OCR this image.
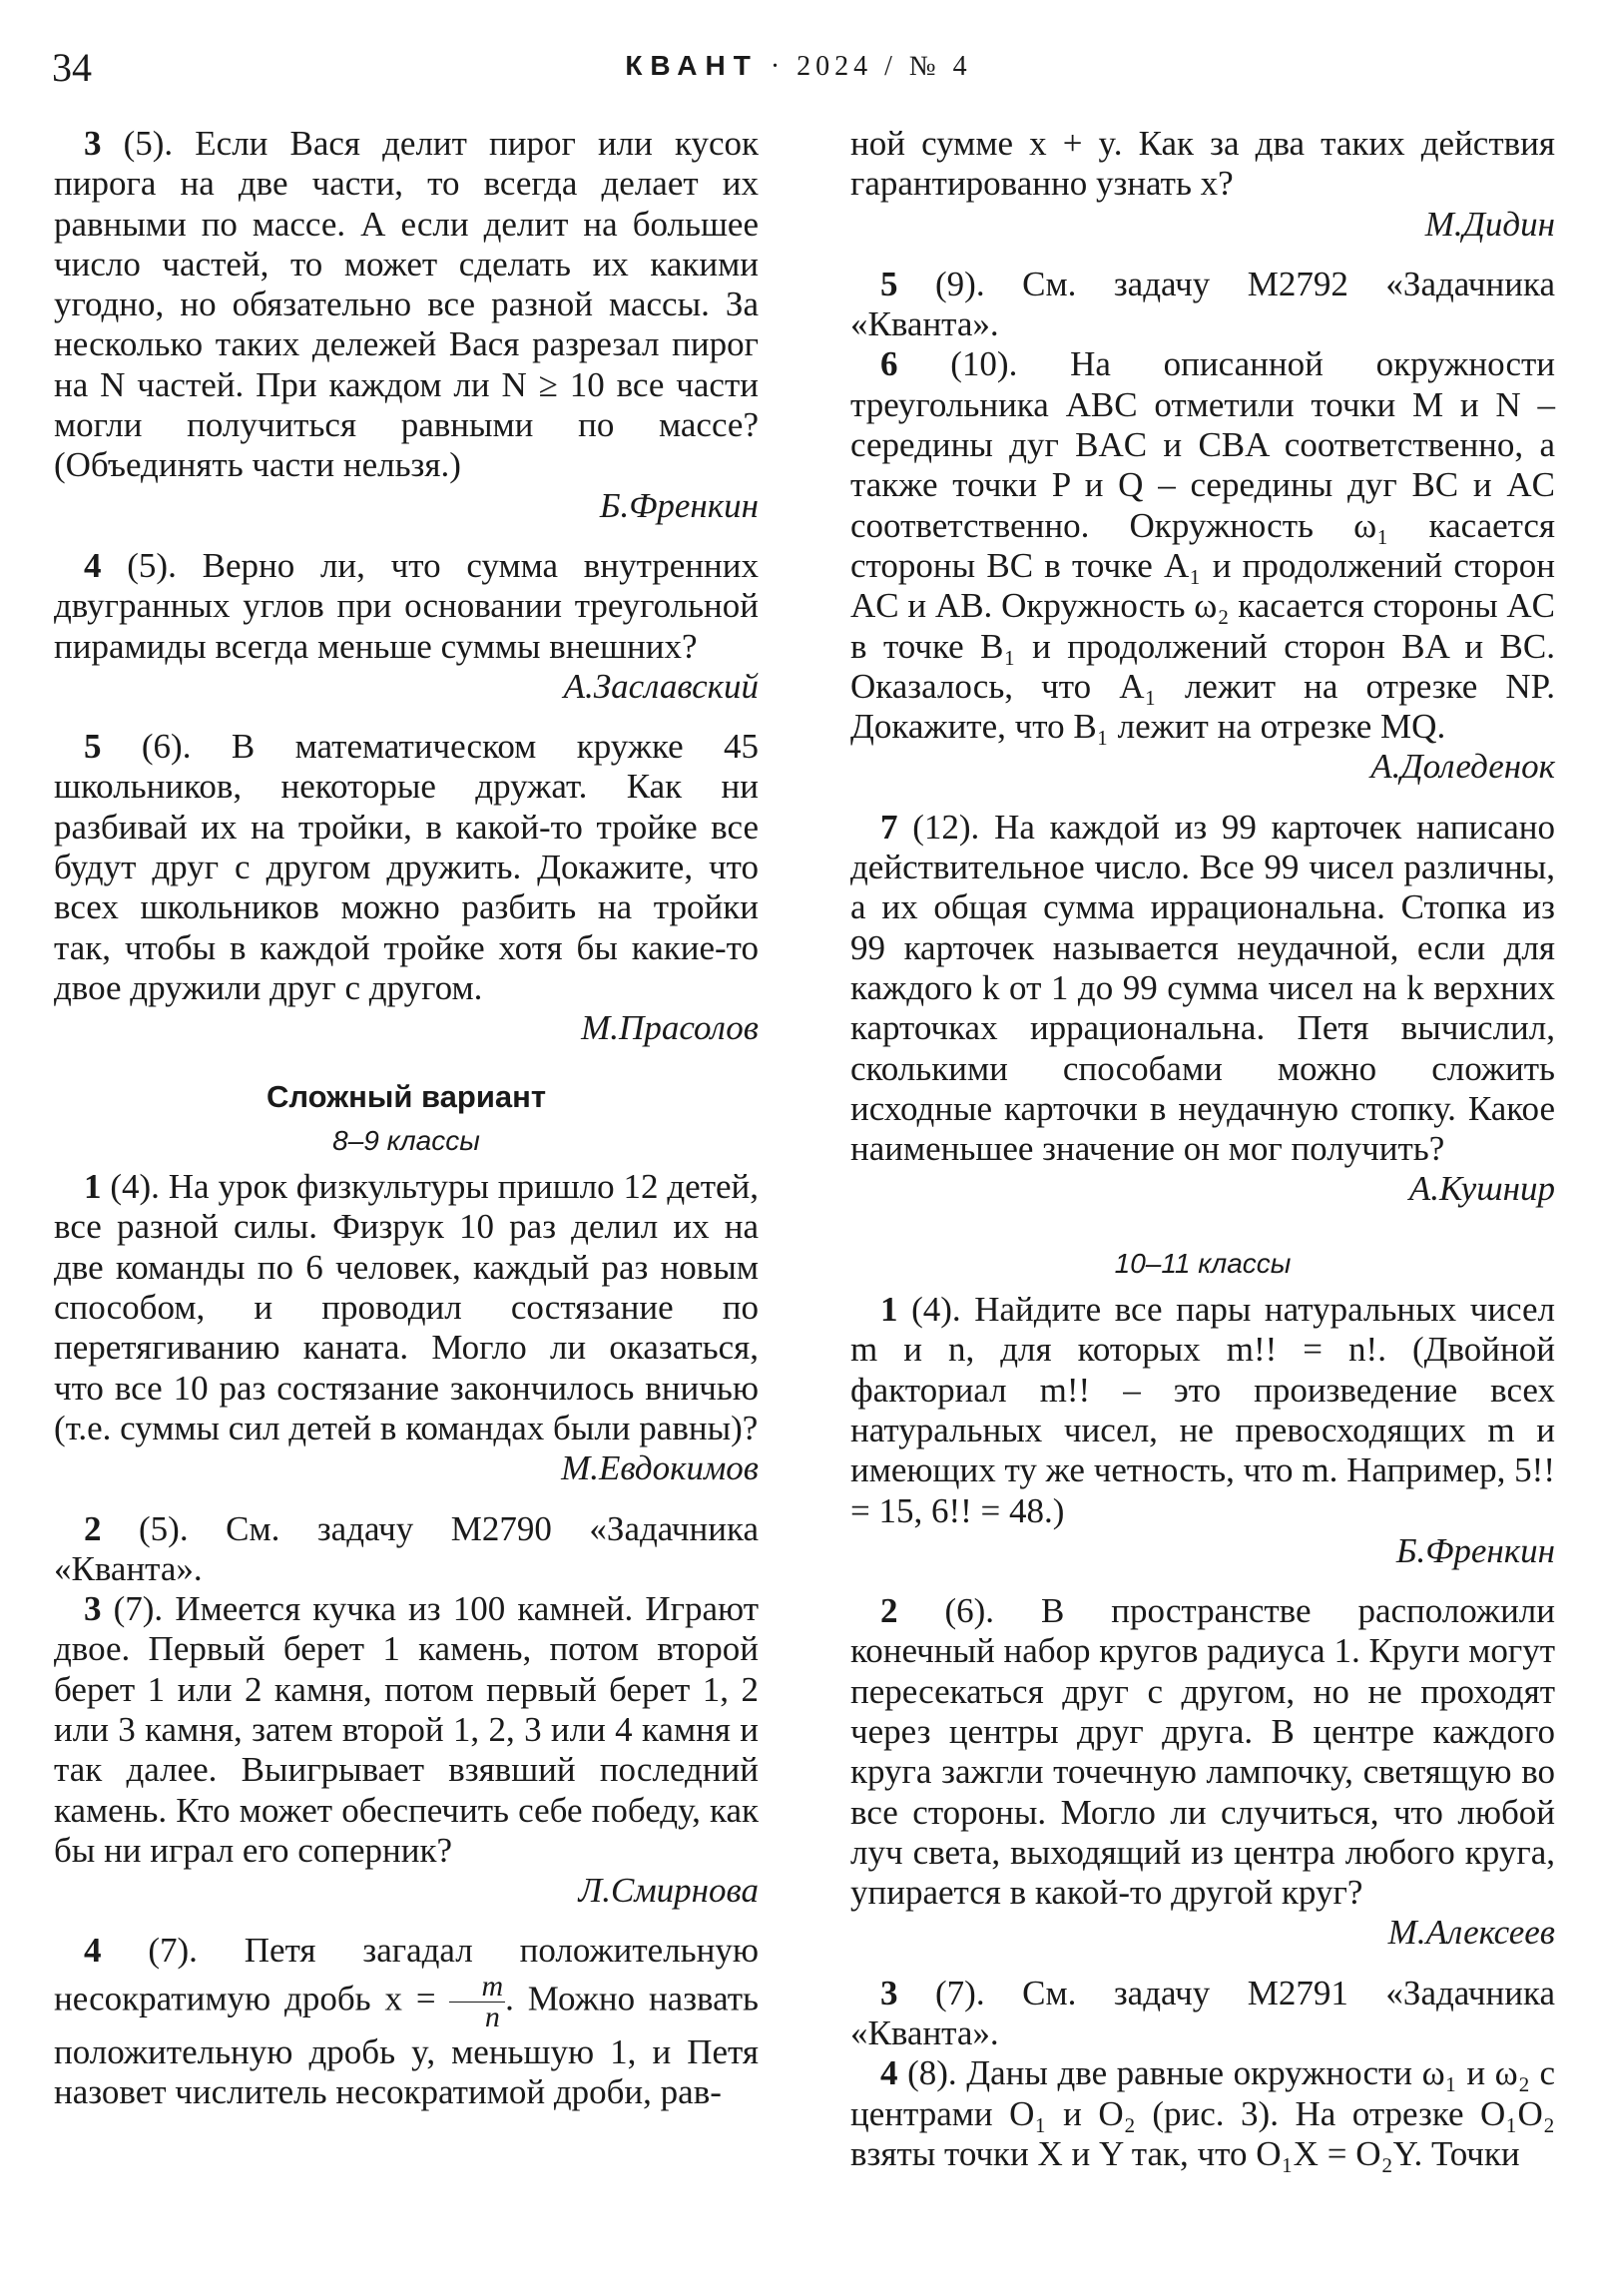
34	КВАНТ · 2024 / № 4

3 (5). Если Вася делит пирог или кусок пирога на две части, то всегда делает их равными по массе. А если делит на большее число частей, то может сделать их какими угодно, но обязательно все разной массы. За несколько таких дележей Вася разрезал пирог на N частей. При каждом ли N ≥ 10 все части могли получиться равными по массе? (Объединять части нельзя.)

Б.Френкин

4 (5). Верно ли, что сумма внутренних двугранных углов при основании треугольной пирамиды всегда меньше суммы внешних?

А.Заславский

5 (6). В математическом кружке 45 школьников, некоторые дружат. Как ни разбивай их на тройки, в какой-то тройке все будут друг с другом дружить. Докажите, что всех школьников можно разбить на тройки так, чтобы в каждой тройке хотя бы какие-то двое дружили друг с другом.

М.Прасолов

Сложный вариант
8–9 классы

1 (4). На урок физкультуры пришло 12 детей, все разной силы. Физрук 10 раз делил их на две команды по 6 человек, каждый раз новым способом, и проводил состязание по перетягиванию каната. Могло ли оказаться, что все 10 раз состязание закончилось вничью (т.е. суммы сил детей в командах были равны)?

М.Евдокимов

2 (5). См. задачу М2790 «Задачника «Кванта».

3 (7). Имеется кучка из 100 камней. Играют двое. Первый берет 1 камень, потом второй берет 1 или 2 камня, потом первый берет 1, 2 или 3 камня, затем второй 1, 2, 3 или 4 камня и так далее. Выигрывает взявший последний камень. Кто может обеспечить себе победу, как бы ни играл его соперник?

Л.Смирнова

4 (7). Петя загадал положительную несократимую дробь $x = \frac{m}{n}$ . Можно назвать положительную дробь y, меньшую 1, и Петя назовет числитель несократимой дроби, рав-

ной сумме x + y. Как за два таких действия гарантированно узнать x?

М.Дидин

5 (9). См. задачу М2792 «Задачника «Кванта».

6 (10). На описанной окружности треугольника ABC отметили точки M и N – середины дуг BAC и CBA соответственно, а также точки P и Q – середины дуг BC и AC соответственно. Окружность ω₁ касается стороны BC в точке A₁ и продолжений сторон AC и AB. Окружность ω₂ касается стороны AC в точке B₁ и продолжений сторон BA и BC. Оказалось, что A₁ лежит на отрезке NP. Докажите, что B₁ лежит на отрезке MQ.

А.Доледенок

7 (12). На каждой из 99 карточек написано действительное число. Все 99 чисел различны, а их общая сумма иррациональна. Стопка из 99 карточек называется неудачной, если для каждого k от 1 до 99 сумма чисел на k верхних карточках иррациональна. Петя вычислил, сколькими способами можно сложить исходные карточки в неудачную стопку. Какое наименьшее значение он мог получить?

А.Кушнир

10–11 классы

1 (4). Найдите все пары натуральных чисел m и n, для которых m!! = n!. (Двойной факториал m!! – это произведение всех натуральных чисел, не превосходящих m и имеющих ту же четность, что m. Например, 5!! = 15, 6!! = 48.)

Б.Френкин

2 (6). В пространстве расположили конечный набор кругов радиуса 1. Круги могут пересекаться друг с другом, но не проходят через центры друг друга. В центре каждого круга зажгли точечную лампочку, светящую во все стороны. Могло ли случиться, что любой луч света, выходящий из центра любого круга, упирается в какой-то другой круг?

М.Алексеев

3 (7). См. задачу М2791 «Задачника «Кванта».

4 (8). Даны две равные окружности ω₁ и ω₂ с центрами O₁ и O₂ (рис. 3). На отрезке O₁O₂ взяты точки X и Y так, что O₁X = O₂Y. Точки
